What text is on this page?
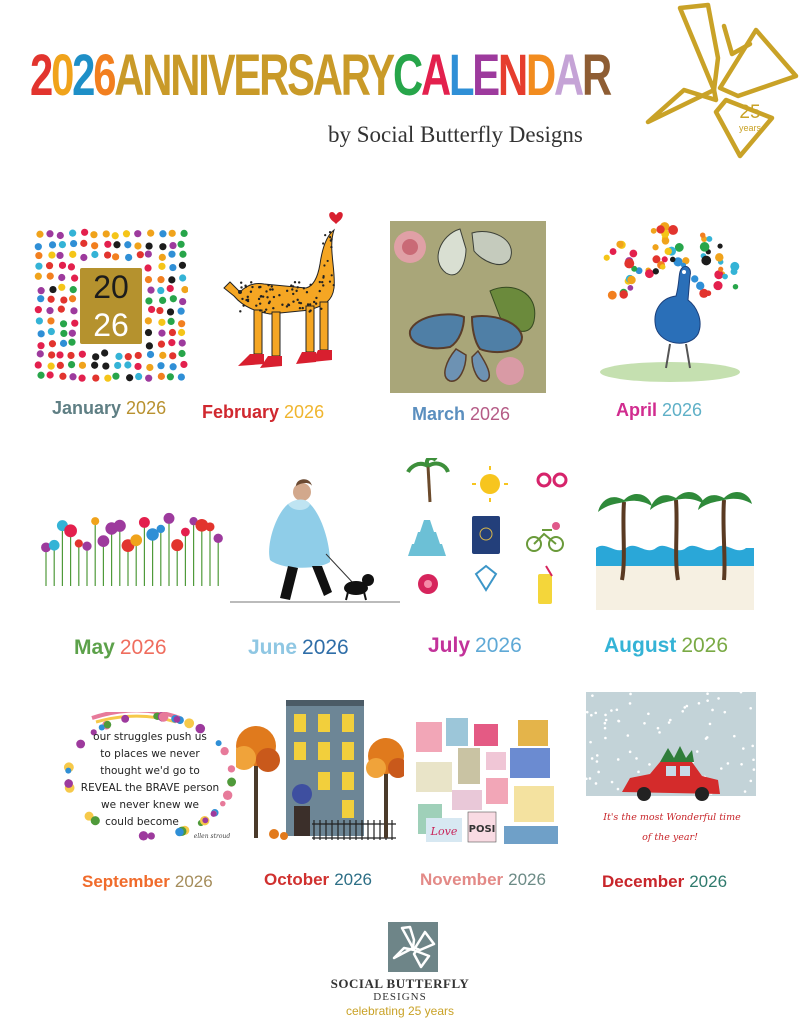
2026ANNIVERSARYCALENDAR
by Social Butterfly Designs
25
years
20
26
our struggles push us
to places we never
thought we'd go to
REVEAL the BRAVE person
we never knew we
could become
ellen stroud	Love POSI
It's the most Wonderful time
of the year!
January 2026 February 2026	March 2026	April 2026
May 2026	June 2026	July 2026	August 2026
September 2026	October 2026	November 2026	December 2026
SOCIAL BUTTERFLY
DESIGNS
celebrating 25 years
